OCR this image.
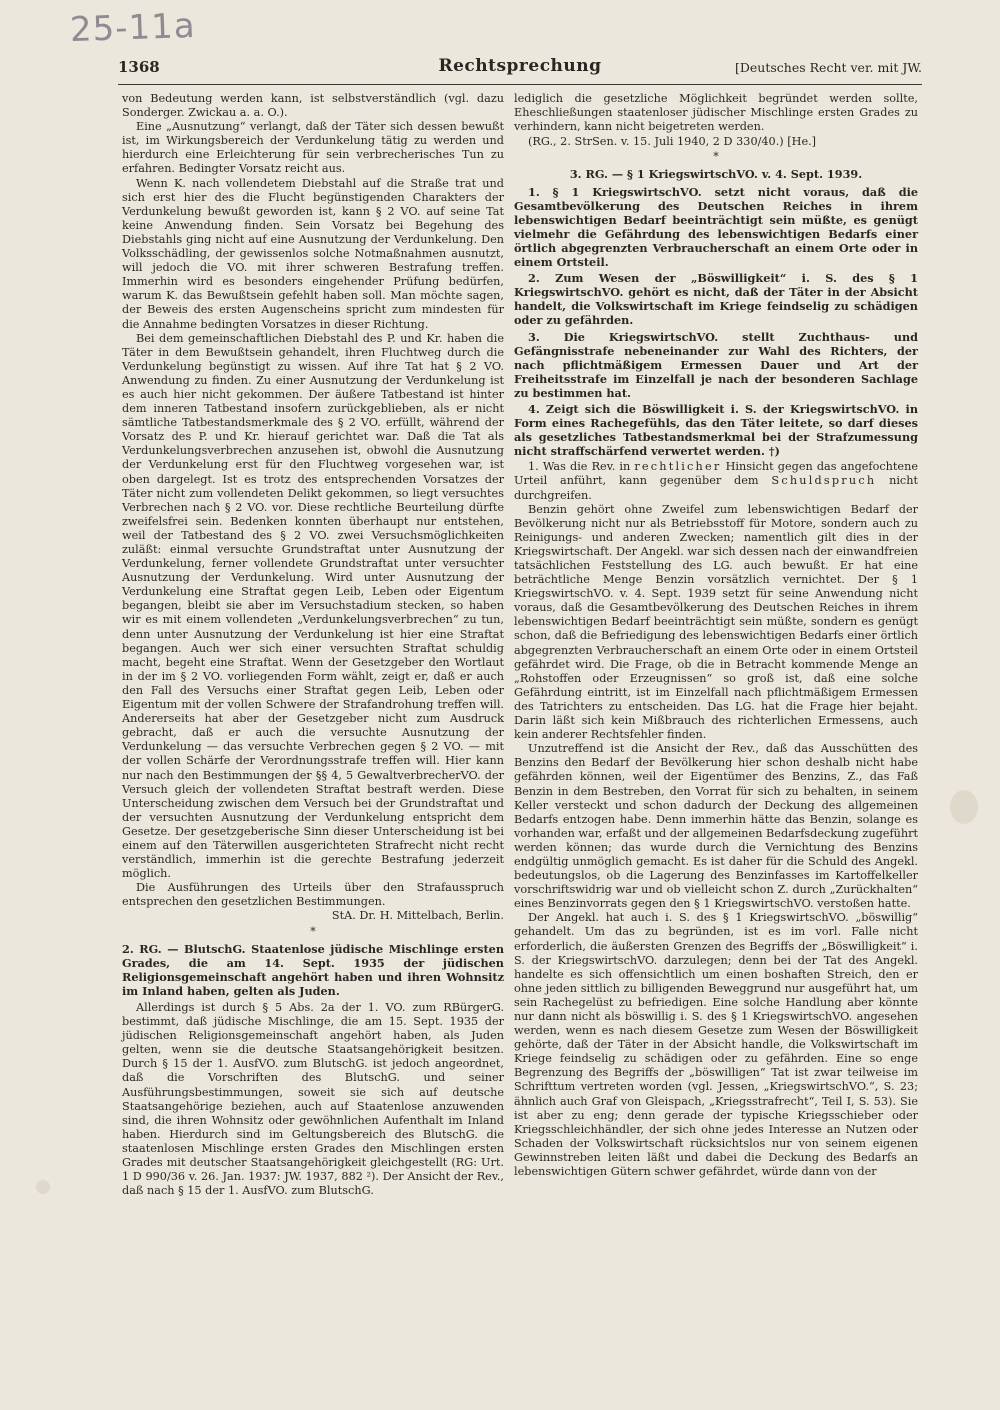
25-11a
1368	Rechtsprechung	[Deutsches Recht ver. mit JW.

von Bedeutung werden kann, ist selbstverständlich (vgl. dazu Sonderger. Zwickau a. a. O.).

Eine „Ausnutzung“ verlangt, daß der Täter sich dessen bewußt ist, im Wirkungsbereich der Verdunkelung tätig zu werden und hierdurch eine Erleichterung für sein verbrecherisches Tun zu erfahren. Bedingter Vorsatz reicht aus.

Wenn K. nach vollendetem Diebstahl auf die Straße trat und sich erst hier des die Flucht begünstigenden Charakters der Verdunkelung bewußt geworden ist, kann § 2 VO. auf seine Tat keine Anwendung finden. Sein Vorsatz bei Begehung des Diebstahls ging nicht auf eine Ausnutzung der Verdunkelung. Den Volksschädling, der gewissenlos solche Notmaßnahmen ausnutzt, will jedoch die VO. mit ihrer schweren Bestrafung treffen. Immerhin wird es besonders eingehender Prüfung bedürfen, warum K. das Bewußtsein gefehlt haben soll. Man möchte sagen, der Beweis des ersten Augenscheins spricht zum mindesten für die Annahme bedingten Vorsatzes in dieser Richtung.

Bei dem gemeinschaftlichen Diebstahl des P. und Kr. haben die Täter in dem Bewußtsein gehandelt, ihren Fluchtweg durch die Verdunkelung begünstigt zu wissen. Auf ihre Tat hat § 2 VO. Anwendung zu finden. Zu einer Ausnutzung der Verdunkelung ist es auch hier nicht gekommen. Der äußere Tatbestand ist hinter dem inneren Tatbestand insofern zurückgeblieben, als er nicht sämtliche Tatbestandsmerkmale des § 2 VO. erfüllt, während der Vorsatz des P. und Kr. hierauf gerichtet war. Daß die Tat als Verdunkelungsverbrechen anzusehen ist, obwohl die Ausnutzung der Verdunkelung erst für den Fluchtweg vorgesehen war, ist oben dargelegt. Ist es trotz des entsprechenden Vorsatzes der Täter nicht zum vollendeten Delikt gekommen, so liegt versuchtes Verbrechen nach § 2 VO. vor. Diese rechtliche Beurteilung dürfte zweifelsfrei sein. Bedenken konnten überhaupt nur entstehen, weil der Tatbestand des § 2 VO. zwei Versuchsmöglichkeiten zuläßt: einmal versuchte Grundstraftat unter Ausnutzung der Verdunkelung, ferner vollendete Grundstraftat unter versuchter Ausnutzung der Verdunkelung. Wird unter Ausnutzung der Verdunkelung eine Straftat gegen Leib, Leben oder Eigentum begangen, bleibt sie aber im Versuchstadium stecken, so haben wir es mit einem vollendeten „Verdunkelungsverbrechen“ zu tun, denn unter Ausnutzung der Verdunkelung ist hier eine Straftat begangen. Auch wer sich einer versuchten Straftat schuldig macht, begeht eine Straftat. Wenn der Gesetzgeber den Wortlaut in der im § 2 VO. vorliegenden Form wählt, zeigt er, daß er auch den Fall des Versuchs einer Straftat gegen Leib, Leben oder Eigentum mit der vollen Schwere der Strafandrohung treffen will. Andererseits hat aber der Gesetzgeber nicht zum Ausdruck gebracht, daß er auch die versuchte Ausnutzung der Verdunkelung — das versuchte Verbrechen gegen § 2 VO. — mit der vollen Schärfe der Verordnungsstrafe treffen will. Hier kann nur nach den Bestimmungen der §§ 4, 5 GewaltverbrecherVO. der Versuch gleich der vollendeten Straftat bestraft werden. Diese Unterscheidung zwischen dem Versuch bei der Grundstraftat und der versuchten Ausnutzung der Verdunkelung entspricht dem Gesetze. Der gesetzgeberische Sinn dieser Unterscheidung ist bei einem auf den Täterwillen ausgerichteten Strafrecht nicht recht verständlich, immerhin ist die gerechte Bestrafung jederzeit möglich.

Die Ausführungen des Urteils über den Strafausspruch entsprechen den gesetzlichen Bestimmungen.

StA. Dr. H. Mittelbach, Berlin.

*
2. RG. — BlutschG. Staatenlose jüdische Mischlinge ersten Grades, die am 14. Sept. 1935 der jüdischen Religionsgemeinschaft angehört haben und ihren Wohnsitz im Inland haben, gelten als Juden.

Allerdings ist durch § 5 Abs. 2a der 1. VO. zum RBürgerG. bestimmt, daß jüdische Mischlinge, die am 15. Sept. 1935 der jüdischen Religionsgemeinschaft angehört haben, als Juden gelten, wenn sie die deutsche Staatsangehörigkeit besitzen. Durch § 15 der 1. AusfVO. zum BlutschG. ist jedoch angeordnet, daß die Vorschriften des BlutschG. und seiner Ausführungsbestimmungen, soweit sie sich auf deutsche Staatsangehörige beziehen, auch auf Staatenlose anzuwenden sind, die ihren Wohnsitz oder gewöhnlichen Aufenthalt im Inland haben. Hierdurch sind im Geltungsbereich des BlutschG. die staatenlosen Mischlinge ersten Grades den Mischlingen ersten Grades mit deutscher Staatsangehörigkeit gleichgestellt (RG: Urt. 1 D 990/36 v. 26. Jan. 1937: JW. 1937, 882 ²). Der Ansicht der Rev., daß nach § 15 der 1. AusfVO. zum BlutschG.

lediglich die gesetzliche Möglichkeit begründet werden sollte, Eheschließungen staatenloser jüdischer Mischlinge ersten Grades zu verhindern, kann nicht beigetreten werden.

(RG., 2. StrSen. v. 15. Juli 1940, 2 D 330/40.) [He.]

*
3. RG. — § 1 KriegswirtschVO. v. 4. Sept. 1939.

1. § 1 KriegswirtschVO. setzt nicht voraus, daß die Gesamtbevölkerung des Deutschen Reiches in ihrem lebenswichtigen Bedarf beeinträchtigt sein müßte, es genügt vielmehr die Gefährdung des lebenswichtigen Bedarfs einer örtlich abgegrenzten Verbraucherschaft an einem Orte oder in einem Ortsteil.

2. Zum Wesen der „Böswilligkeit“ i. S. des § 1 KriegswirtschVO. gehört es nicht, daß der Täter in der Absicht handelt, die Volkswirtschaft im Kriege feindselig zu schädigen oder zu gefährden.

3. Die KriegswirtschVO. stellt Zuchthaus- und Gefängnisstrafe nebeneinander zur Wahl des Richters, der nach pflichtmäßigem Ermessen Dauer und Art der Freiheitsstrafe im Einzelfall je nach der besonderen Sachlage zu bestimmen hat.

4. Zeigt sich die Böswilligkeit i. S. der KriegswirtschVO. in Form eines Rachegefühls, das den Täter leitete, so darf dieses als gesetzliches Tatbestandsmerkmal bei der Strafzumessung nicht straffschärfend verwertet werden. †)

1. Was die Rev. in rechtlicher Hinsicht gegen das angefochtene Urteil anführt, kann gegenüber dem Schuldspruch nicht durchgreifen.

Benzin gehört ohne Zweifel zum lebenswichtigen Bedarf der Bevölkerung nicht nur als Betriebsstoff für Motore, sondern auch zu Reinigungs- und anderen Zwecken; namentlich gilt dies in der Kriegswirtschaft. Der Angekl. war sich dessen nach der einwandfreien tatsächlichen Feststellung des LG. auch bewußt. Er hat eine beträchtliche Menge Benzin vorsätzlich vernichtet. Der § 1 KriegswirtschVO. v. 4. Sept. 1939 setzt für seine Anwendung nicht voraus, daß die Gesamtbevölkerung des Deutschen Reiches in ihrem lebenswichtigen Bedarf beeinträchtigt sein müßte, sondern es genügt schon, daß die Befriedigung des lebenswichtigen Bedarfs einer örtlich abgegrenzten Verbraucherschaft an einem Orte oder in einem Ortsteil gefährdet wird. Die Frage, ob die in Betracht kommende Menge an „Rohstoffen oder Erzeugnissen“ so groß ist, daß eine solche Gefährdung eintritt, ist im Einzelfall nach pflichtmäßigem Ermessen des Tatrichters zu entscheiden. Das LG. hat die Frage hier bejaht. Darin läßt sich kein Mißbrauch des richterlichen Ermessens, auch kein anderer Rechtsfehler finden.

Unzutreffend ist die Ansicht der Rev., daß das Ausschütten des Benzins den Bedarf der Bevölkerung hier schon deshalb nicht habe gefährden können, weil der Eigentümer des Benzins, Z., das Faß Benzin in dem Bestreben, den Vorrat für sich zu behalten, in seinem Keller versteckt und schon dadurch der Deckung des allgemeinen Bedarfs entzogen habe. Denn immerhin hätte das Benzin, solange es vorhanden war, erfaßt und der allgemeinen Bedarfsdeckung zugeführt werden können; das wurde durch die Vernichtung des Benzins endgültig unmöglich gemacht. Es ist daher für die Schuld des Angekl. bedeutungslos, ob die Lagerung des Benzinfasses im Kartoffelkeller vorschriftswidrig war und ob vielleicht schon Z. durch „Zurückhalten“ eines Benzinvorrats gegen den § 1 KriegswirtschVO. verstoßen hatte.

Der Angekl. hat auch i. S. des § 1 KriegswirtschVO. „böswillig“ gehandelt. Um das zu begründen, ist es im vorl. Falle nicht erforderlich, die äußersten Grenzen des Begriffs der „Böswilligkeit“ i. S. der KriegswirtschVO. darzulegen; denn bei der Tat des Angekl. handelte es sich offensichtlich um einen boshaften Streich, den er ohne jeden sittlich zu billigenden Beweggrund nur ausgeführt hat, um sein Rachegelüst zu befriedigen. Eine solche Handlung aber könnte nur dann nicht als böswillig i. S. des § 1 KriegswirtschVO. angesehen werden, wenn es nach diesem Gesetze zum Wesen der Böswilligkeit gehörte, daß der Täter in der Absicht handle, die Volkswirtschaft im Kriege feindselig zu schädigen oder zu gefährden. Eine so enge Begrenzung des Begriffs der „böswilligen“ Tat ist zwar teilweise im Schrifttum vertreten worden (vgl. Jessen, „KriegswirtschVO.“, S. 23; ähnlich auch Graf von Gleispach, „Kriegsstrafrecht“, Teil I, S. 53). Sie ist aber zu eng; denn gerade der typische Kriegsschieber oder Kriegsschleichhändler, der sich ohne jedes Interesse an Nutzen oder Schaden der Volkswirtschaft rücksichtslos nur von seinem eigenen Gewinnstreben leiten läßt und dabei die Deckung des Bedarfs an lebenswichtigen Gütern schwer gefährdet, würde dann von der
